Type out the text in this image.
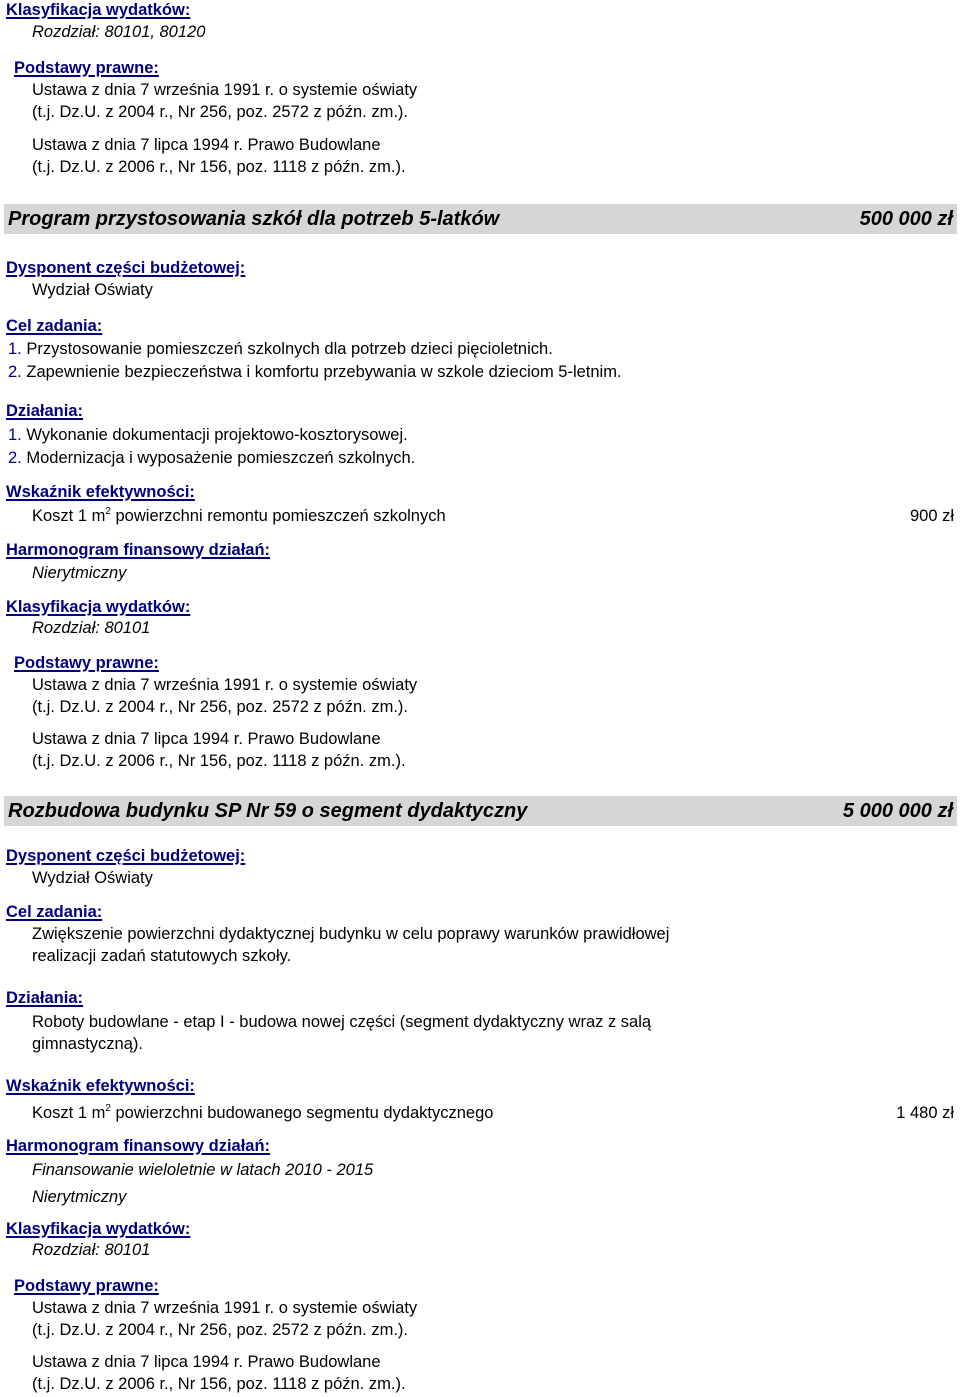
Klasyfikacja wydatków:
Rozdział: 80101, 80120
Podstawy prawne:
Ustawa z dnia 7 września 1991 r. o systemie oświaty
(t.j. Dz.U. z 2004 r., Nr 256, poz. 2572 z późn. zm.).
Ustawa z dnia 7 lipca 1994 r. Prawo Budowlane
(t.j. Dz.U. z 2006 r., Nr 156, poz. 1118 z późn. zm.).
Program przystosowania szkół dla potrzeb 5-latków	500 000 zł
Dysponent części budżetowej:
Wydział Oświaty
Cel zadania:
1. Przystosowanie pomieszczeń szkolnych dla potrzeb dzieci pięcioletnich.
2. Zapewnienie bezpieczeństwa i komfortu przebywania w szkole dzieciom 5-letnim.
Działania:
1. Wykonanie dokumentacji projektowo-kosztorysowej.
2. Modernizacja i wyposażenie pomieszczeń szkolnych.
Wskaźnik efektywności:
Koszt 1 $m^2$ powierzchni remontu pomieszczeń szkolnych	900 zł
Harmonogram finansowy działań:
Nierytmiczny
Klasyfikacja wydatków:
Rozdział: 80101
Podstawy prawne:
Ustawa z dnia 7 września 1991 r. o systemie oświaty
(t.j. Dz.U. z 2004 r., Nr 256, poz. 2572 z późn. zm.).
Ustawa z dnia 7 lipca 1994 r. Prawo Budowlane
(t.j. Dz.U. z 2006 r., Nr 156, poz. 1118 z późn. zm.).
Rozbudowa budynku SP Nr 59 o segment dydaktyczny	5 000 000 zł
Dysponent części budżetowej:
Wydział Oświaty
Cel zadania:
Zwiększenie powierzchni dydaktycznej budynku w celu poprawy warunków prawidłowej
realizacji zadań statutowych szkoły.
Działania:
Roboty budowlane - etap I - budowa nowej części (segment dydaktyczny wraz z salą
gimnastyczną).
Wskaźnik efektywności:
Koszt 1 $m^2$ powierzchni budowanego segmentu dydaktycznego	1 480 zł
Harmonogram finansowy działań:
Finansowanie wieloletnie w latach 2010 - 2015
Nierytmiczny
Klasyfikacja wydatków:
Rozdział: 80101
Podstawy prawne:
Ustawa z dnia 7 września 1991 r. o systemie oświaty
(t.j. Dz.U. z 2004 r., Nr 256, poz. 2572 z późn. zm.).
Ustawa z dnia 7 lipca 1994 r. Prawo Budowlane
(t.j. Dz.U. z 2006 r., Nr 156, poz. 1118 z późn. zm.).
